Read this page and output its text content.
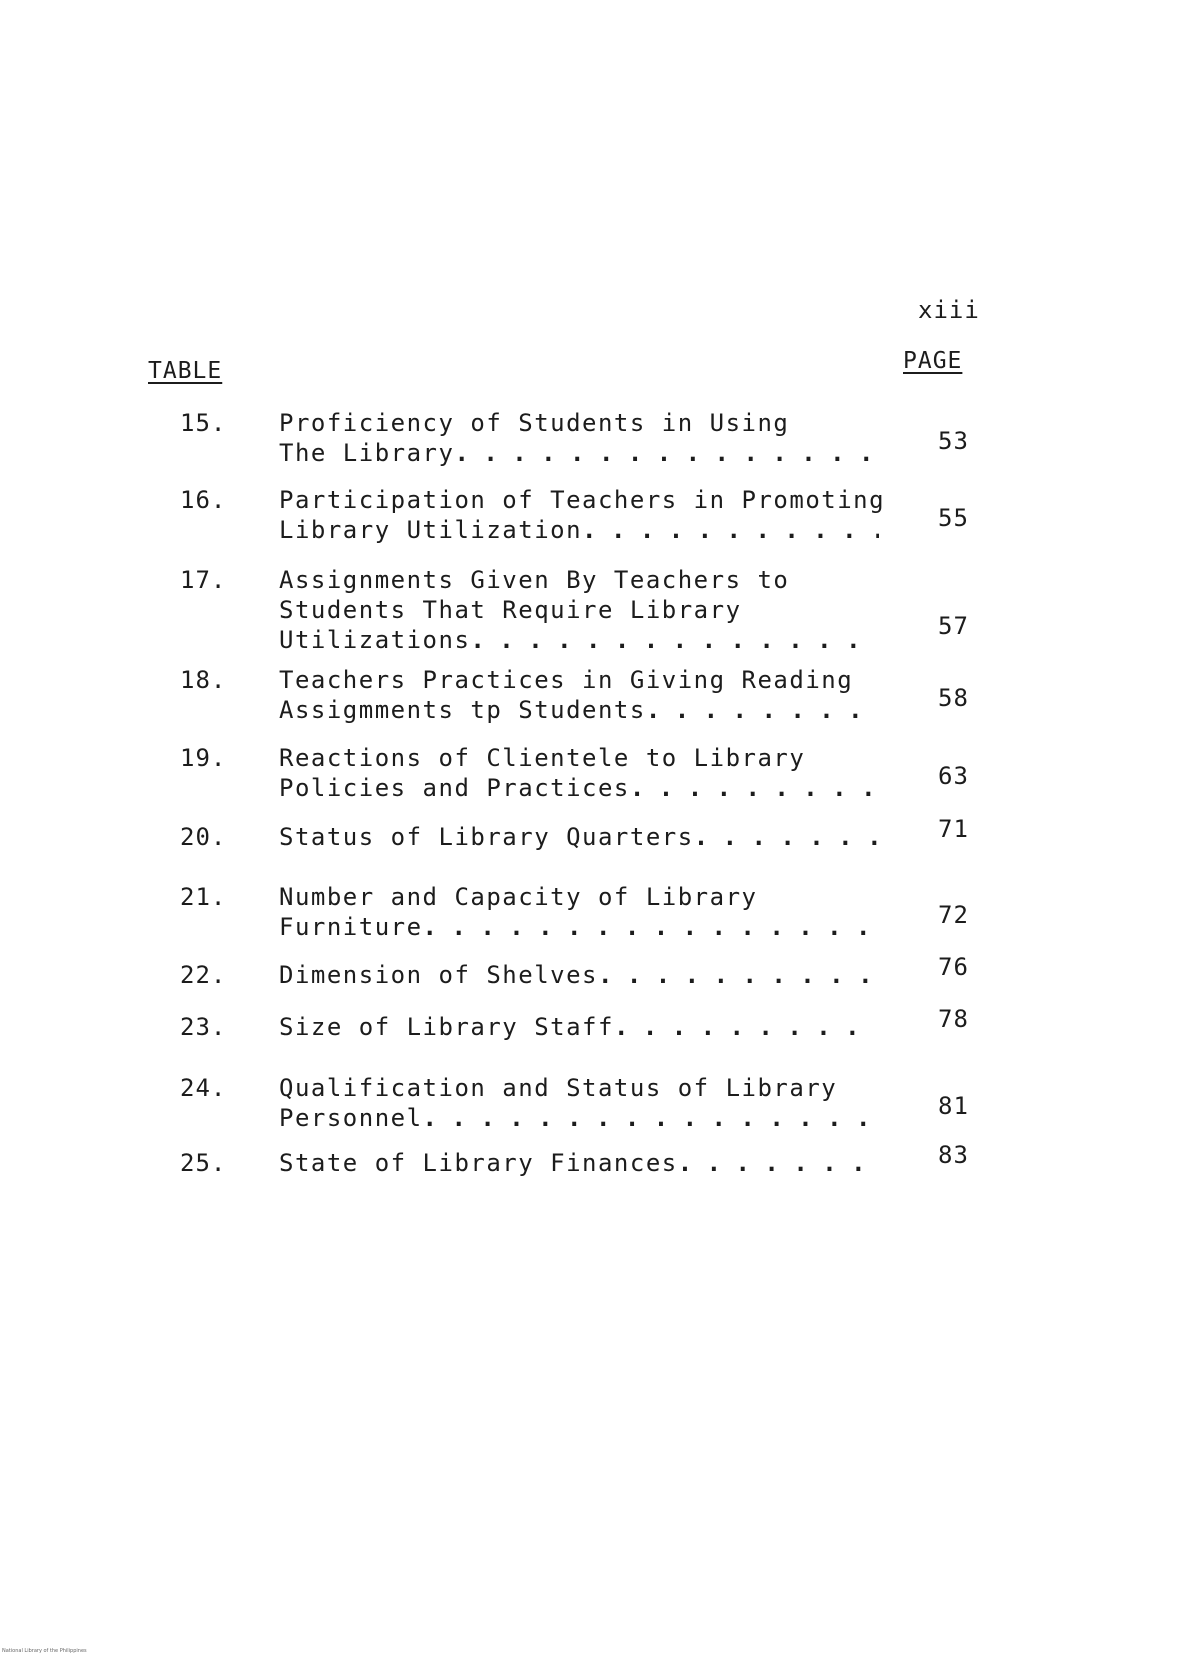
xiii
TABLE	PAGE
15. Proficiency of Students in Using
The Library . . .	53
16. Participation of Teachers in Promoting
Library Utilization . . .	55
17. Assignments Given By Teachers to
Students That Require Library
Utilizations . . .	57
18. Teachers Practices in Giving Reading
Assigmments tp Students . . .	58
19. Reactions of Clientele to Library
Policies and Practices . . .	63
20. Status of Library Quarters . . .	71
21. Number and Capacity of Library
Furniture . . .	72
22. Dimension of Shelves . . .	76
23. Size of Library Staff . . .	78
24. Qualification and Status of Library
Personnel . . .	81
25. State of Library Finances . . .	83
National Library of the Philippines
